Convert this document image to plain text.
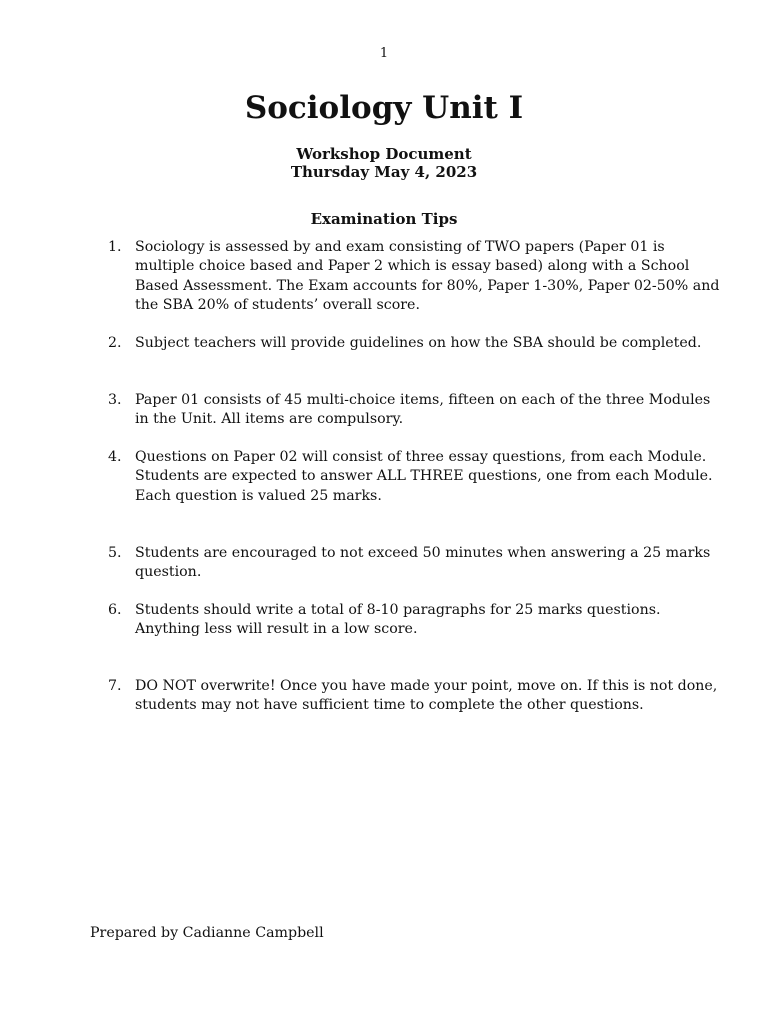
1
Sociology Unit I
Workshop Document
Thursday May 4, 2023
Examination Tips
1. Sociology is assessed by and exam consisting of TWO papers (Paper 01 is
multiple choice based and Paper 2 which is essay based) along with a School
Based Assessment. The Exam accounts for 80%, Paper 1-30%, Paper 02-50% and
the SBA 20% of students’ overall score.
2. Subject teachers will provide guidelines on how the SBA should be completed.
3. Paper 01 consists of 45 multi-choice items, fifteen on each of the three Modules
in the Unit. All items are compulsory.
4. Questions on Paper 02 will consist of three essay questions, from each Module.
Students are expected to answer ALL THREE questions, one from each Module.
Each question is valued 25 marks.
5. Students are encouraged to not exceed 50 minutes when answering a 25 marks
question.
6. Students should write a total of 8-10 paragraphs for 25 marks questions.
Anything less will result in a low score.
7. DO NOT overwrite! Once you have made your point, move on. If this is not done,
students may not have sufficient time to complete the other questions.
Prepared by Cadianne Campbell
